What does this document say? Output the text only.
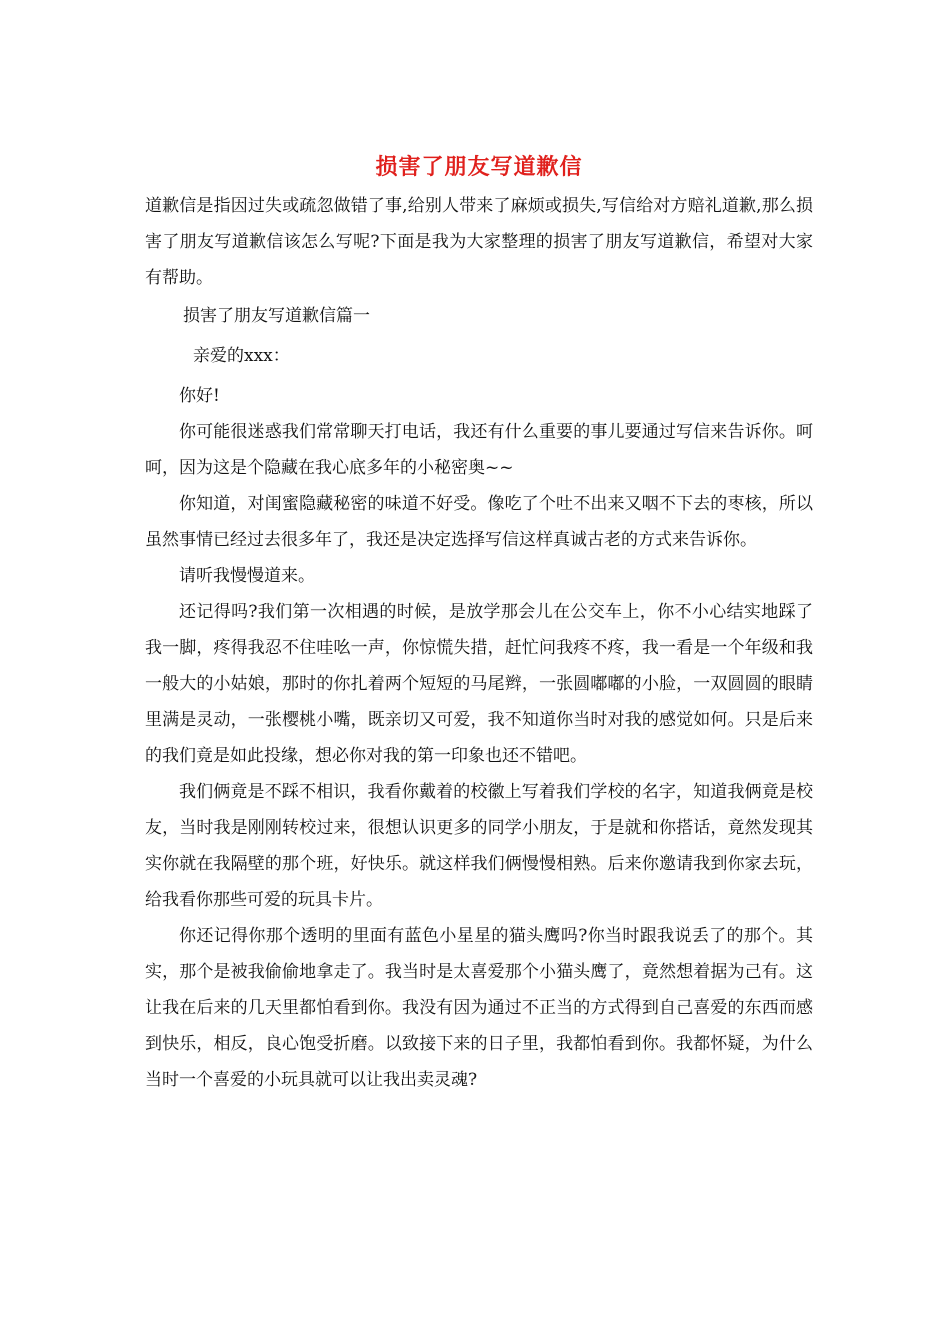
损害了朋友写道歉信

道歉信是指因过失或疏忽做错了事,给别人带来了麻烦或损失,写信给对方赔礼道歉,那么损害了朋友写道歉信该怎么写呢?下面是我为大家整理的损害了朋友写道歉信，希望对大家有帮助。

损害了朋友写道歉信篇一

亲爱的xxx：

你好!

你可能很迷惑我们常常聊天打电话，我还有什么重要的事儿要通过写信来告诉你。呵呵，因为这是个隐藏在我心底多年的小秘密奥~~

你知道，对闺蜜隐藏秘密的味道不好受。像吃了个吐不出来又咽不下去的枣核，所以虽然事情已经过去很多年了，我还是决定选择写信这样真诚古老的方式来告诉你。

请听我慢慢道来。

还记得吗?我们第一次相遇的时候，是放学那会儿在公交车上，你不小心结实地踩了我一脚，疼得我忍不住哇吆一声，你惊慌失措，赶忙问我疼不疼，我一看是一个年级和我一般大的小姑娘，那时的你扎着两个短短的马尾辫，一张圆嘟嘟的小脸，一双圆圆的眼睛里满是灵动，一张樱桃小嘴，既亲切又可爱，我不知道你当时对我的感觉如何。只是后来的我们竟是如此投缘，想必你对我的第一印象也还不错吧。

我们俩竟是不踩不相识，我看你戴着的校徽上写着我们学校的名字，知道我俩竟是校友，当时我是刚刚转校过来，很想认识更多的同学小朋友，于是就和你搭话，竟然发现其实你就在我隔壁的那个班，好快乐。就这样我们俩慢慢相熟。后来你邀请我到你家去玩，给我看你那些可爱的玩具卡片。

你还记得你那个透明的里面有蓝色小星星的猫头鹰吗?你当时跟我说丢了的那个。其实，那个是被我偷偷地拿走了。我当时是太喜爱那个小猫头鹰了，竟然想着据为己有。这让我在后来的几天里都怕看到你。我没有因为通过不正当的方式得到自己喜爱的东西而感到快乐，相反，良心饱受折磨。以致接下来的日子里，我都怕看到你。我都怀疑，为什么当时一个喜爱的小玩具就可以让我出卖灵魂?
